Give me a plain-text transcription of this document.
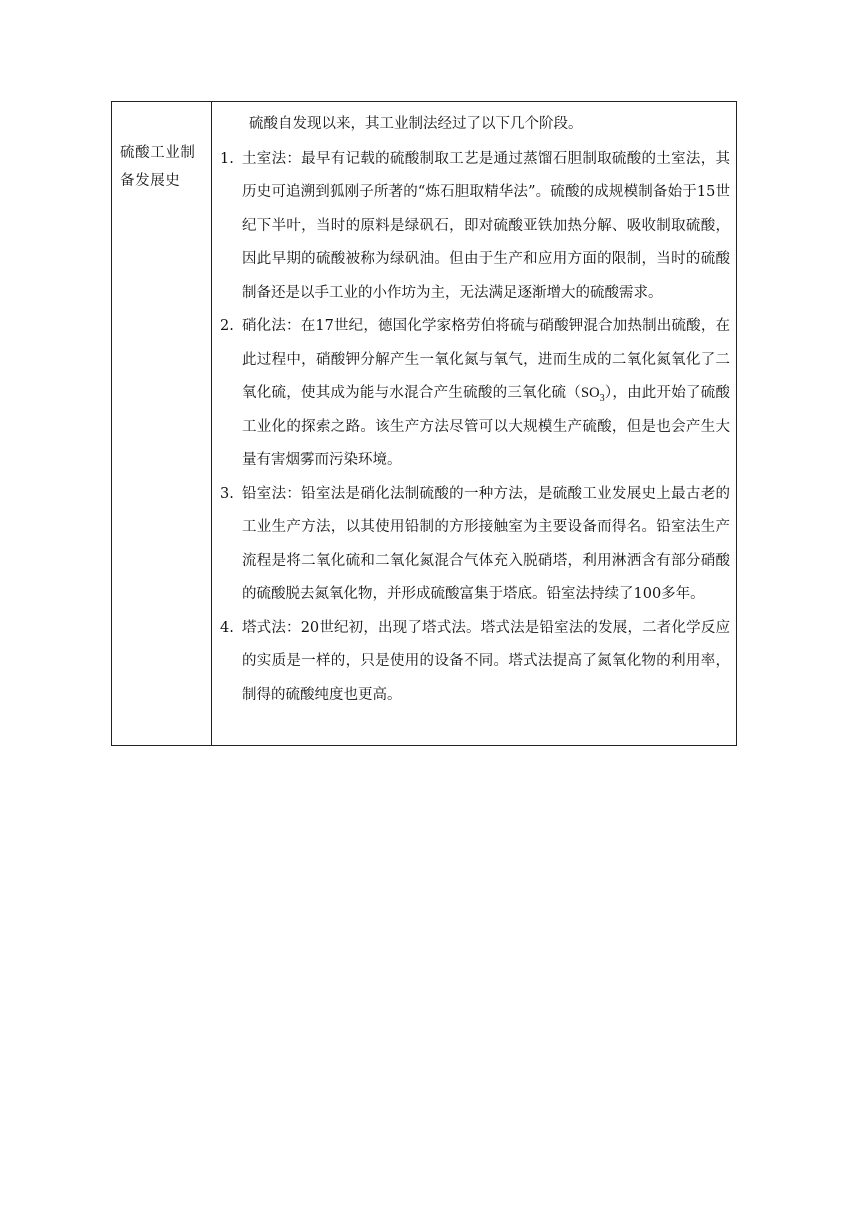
硫酸工业制备发展史

硫酸自发现以来，其工业制法经过了以下几个阶段。

1. 土室法：最早有记载的硫酸制取工艺是通过蒸馏石胆制取硫酸的土室法，其历史可追溯到狐刚子所著的“炼石胆取精华法”。硫酸的成规模制备始于15世纪下半叶，当时的原料是绿矾石，即对硫酸亚铁加热分解、吸收制取硫酸，因此早期的硫酸被称为绿矾油。但由于生产和应用方面的限制，当时的硫酸制备还是以手工业的小作坊为主，无法满足逐渐增大的硫酸需求。

2. 硝化法：在17世纪，德国化学家格劳伯将硫与硝酸钾混合加热制出硫酸，在此过程中，硝酸钾分解产生一氧化氮与氧气，进而生成的二氧化氮氧化了二氧化硫，使其成为能与水混合产生硫酸的三氧化硫$(SO_3)$，由此开始了硫酸工业化的探索之路。该生产方法尽管可以大规模生产硫酸，但是也会产生大量有害烟雾而污染环境。

3. 铅室法：铅室法是硝化法制硫酸的一种方法，是硫酸工业发展史上最古老的工业生产方法，以其使用铅制的方形接触室为主要设备而得名。铅室法生产流程是将二氧化硫和二氧化氮混合气体充入脱硝塔，利用淋洒含有部分硝酸的硫酸脱去氮氧化物，并形成硫酸富集于塔底。铅室法持续了100多年。

4. 塔式法：20世纪初，出现了塔式法。塔式法是铅室法的发展，二者化学反应的实质是一样的，只是使用的设备不同。塔式法提高了氮氧化物的利用率，制得的硫酸纯度也更高。
